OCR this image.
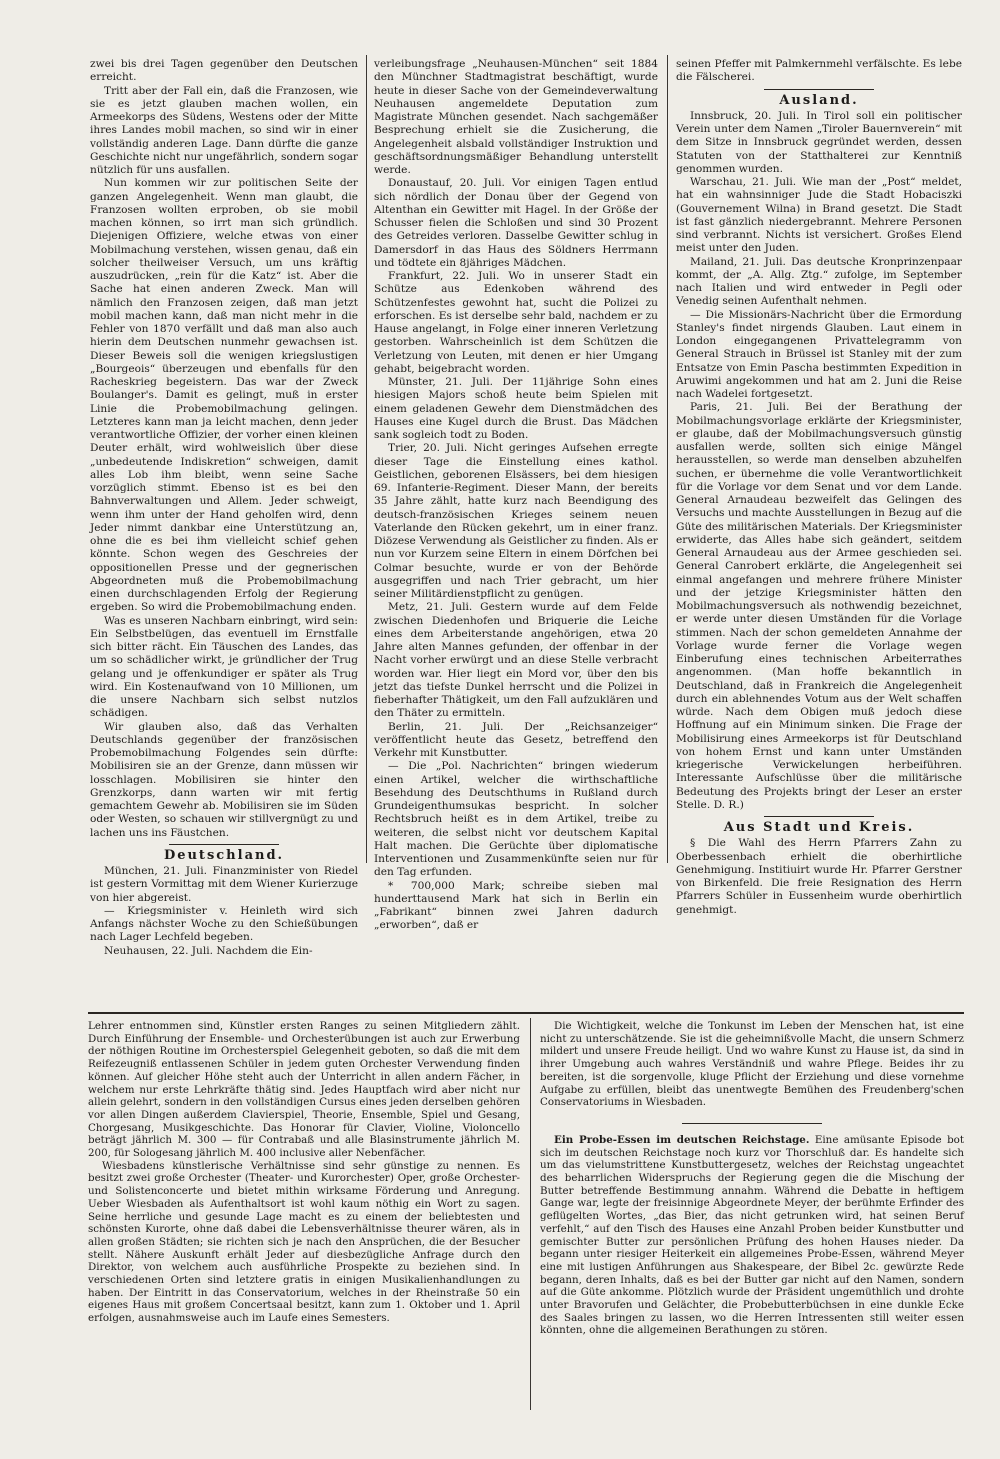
zwei bis drei Tagen gegenüber den Deutschen erreicht.

Tritt aber der Fall ein, daß die Franzosen, wie sie es jetzt glauben machen wollen, ein Armeekorps des Südens, Westens oder der Mitte ihres Landes mobil machen, so sind wir in einer vollständig anderen Lage. Dann dürfte die ganze Geschichte nicht nur ungefährlich, sondern sogar nützlich für uns ausfallen.

Nun kommen wir zur politischen Seite der ganzen Angelegenheit. Wenn man glaubt, die Franzosen wollten erproben, ob sie mobil machen können, so irrt man sich gründlich. Diejenigen Offiziere, welche etwas von einer Mobilmachung verstehen, wissen genau, daß ein solcher theilweiser Versuch, um uns kräftig auszudrücken, „rein für die Katz“ ist. Aber die Sache hat einen anderen Zweck. Man will nämlich den Franzosen zeigen, daß man jetzt mobil machen kann, daß man nicht mehr in die Fehler von 1870 verfällt und daß man also auch hierin dem Deutschen nunmehr gewachsen ist. Dieser Beweis soll die wenigen kriegslustigen „Bourgeois“ überzeugen und ebenfalls für den Racheskrieg begeistern. Das war der Zweck Boulanger's. Damit es gelingt, muß in erster Linie die Probemobilmachung gelingen. Letzteres kann man ja leicht machen, denn jeder verantwortliche Offizier, der vorher einen kleinen Deuter erhält, wird wohlweislich über diese „unbedeutende Indiskretion“ schweigen, damit alles Lob ihm bleibt, wenn seine Sache vorzüglich stimmt. Ebenso ist es bei den Bahnverwaltungen und Allem. Jeder schweigt, wenn ihm unter der Hand geholfen wird, denn Jeder nimmt dankbar eine Unterstützung an, ohne die es bei ihm vielleicht schief gehen könnte. Schon wegen des Geschreies der oppositionellen Presse und der gegnerischen Abgeordneten muß die Probemobilmachung einen durchschlagenden Erfolg der Regierung ergeben. So wird die Probemobilmachung enden.

Was es unseren Nachbarn einbringt, wird sein: Ein Selbstbelügen, das eventuell im Ernstfalle sich bitter rächt. Ein Täuschen des Landes, das um so schädlicher wirkt, je gründlicher der Trug gelang und je offenkundiger er später als Trug wird. Ein Kostenaufwand von 10 Millionen, um die unsere Nachbarn sich selbst nutzlos schädigen.

Wir glauben also, daß das Verhalten Deutschlands gegenüber der französischen Probemobilmachung Folgendes sein dürfte: Mobilisiren sie an der Grenze, dann müssen wir losschlagen. Mobilisiren sie hinter den Grenzkorps, dann warten wir mit fertig gemachtem Gewehr ab. Mobilisiren sie im Süden oder Westen, so schauen wir stillvergnügt zu und lachen uns ins Fäustchen.

Deutschland.

München, 21. Juli. Finanzminister von Riedel ist gestern Vormittag mit dem Wiener Kurierzuge von hier abgereist.

— Kriegsminister v. Heinleth wird sich Anfangs nächster Woche zu den Schießübungen nach Lager Lechfeld begeben.

Neuhausen, 22. Juli. Nachdem die Ein-

verleibungsfrage „Neuhausen-München“ seit 1884 den Münchner Stadtmagistrat beschäftigt, wurde heute in dieser Sache von der Gemeindeverwaltung Neuhausen angemeldete Deputation zum Magistrate München gesendet. Nach sachgemäßer Besprechung erhielt sie die Zusicherung, die Angelegenheit alsbald vollständiger Instruktion und geschäftsordnungsmäßiger Behandlung unterstellt werde.

Donaustauf, 20. Juli. Vor einigen Tagen entlud sich nördlich der Donau über der Gegend von Altenthan ein Gewitter mit Hagel. In der Größe der Schusser fielen die Schloßen und sind 30 Prozent des Getreides verloren. Dasselbe Gewitter schlug in Damersdorf in das Haus des Söldners Herrmann und tödtete ein 8jähriges Mädchen.

Frankfurt, 22. Juli. Wo in unserer Stadt ein Schütze aus Edenkoben während des Schützenfestes gewohnt hat, sucht die Polizei zu erforschen. Es ist derselbe sehr bald, nachdem er zu Hause angelangt, in Folge einer inneren Verletzung gestorben. Wahrscheinlich ist dem Schützen die Verletzung von Leuten, mit denen er hier Umgang gehabt, beigebracht worden.

Münster, 21. Juli. Der 11jährige Sohn eines hiesigen Majors schoß heute beim Spielen mit einem geladenen Gewehr dem Dienstmädchen des Hauses eine Kugel durch die Brust. Das Mädchen sank sogleich todt zu Boden.

Trier, 20. Juli. Nicht geringes Aufsehen erregte dieser Tage die Einstellung eines kathol. Geistlichen, geborenen Elsässers, bei dem hiesigen 69. Infanterie-Regiment. Dieser Mann, der bereits 35 Jahre zählt, hatte kurz nach Beendigung des deutsch-französischen Krieges seinem neuen Vaterlande den Rücken gekehrt, um in einer franz. Diözese Verwendung als Geistlicher zu finden. Als er nun vor Kurzem seine Eltern in einem Dörfchen bei Colmar besuchte, wurde er von der Behörde ausgegriffen und nach Trier gebracht, um hier seiner Militärdienstpflicht zu genügen.

Metz, 21. Juli. Gestern wurde auf dem Felde zwischen Diedenhofen und Briquerie die Leiche eines dem Arbeiterstande angehörigen, etwa 20 Jahre alten Mannes gefunden, der offenbar in der Nacht vorher erwürgt und an diese Stelle verbracht worden war. Hier liegt ein Mord vor, über den bis jetzt das tiefste Dunkel herrscht und die Polizei in fieberhafter Thätigkeit, um den Fall aufzuklären und den Thäter zu ermitteln.

Berlin, 21. Juli. Der „Reichsanzeiger“ veröffentlicht heute das Gesetz, betreffend den Verkehr mit Kunstbutter.

— Die „Pol. Nachrichten“ bringen wiederum einen Artikel, welcher die wirthschaftliche Besehdung des Deutschthums in Rußland durch Grundeigenthumsukas bespricht. In solcher Rechtsbruch heißt es in dem Artikel, treibe zu weiteren, die selbst nicht vor deutschem Kapital Halt machen. Die Gerüchte über diplomatische Interventionen und Zusammenkünfte seien nur für den Tag erfunden.

* 700,000 Mark; schreibe sieben mal hunderttausend Mark hat sich in Berlin ein „Fabrikant“ binnen zwei Jahren dadurch „erworben“, daß er

seinen Pfeffer mit Palmkernmehl verfälschte. Es lebe die Fälscherei.

Ausland.

Innsbruck, 20. Juli. In Tirol soll ein politischer Verein unter dem Namen „Tiroler Bauernverein“ mit dem Sitze in Innsbruck gegründet werden, dessen Statuten von der Statthalterei zur Kenntniß genommen wurden.

Warschau, 21. Juli. Wie man der „Post“ meldet, hat ein wahnsinniger Jude die Stadt Hobaciszki (Gouvernement Wilna) in Brand gesetzt. Die Stadt ist fast gänzlich niedergebrannt. Mehrere Personen sind verbrannt. Nichts ist versichert. Großes Elend meist unter den Juden.

Mailand, 21. Juli. Das deutsche Kronprinzenpaar kommt, der „A. Allg. Ztg.“ zufolge, im September nach Italien und wird entweder in Pegli oder Venedig seinen Aufenthalt nehmen.

— Die Missionärs-Nachricht über die Ermordung Stanley's findet nirgends Glauben. Laut einem in London eingegangenen Privattelegramm von General Strauch in Brüssel ist Stanley mit der zum Entsatze von Emin Pascha bestimmten Expedition in Aruwimi angekommen und hat am 2. Juni die Reise nach Wadelei fortgesetzt.

Paris, 21. Juli. Bei der Berathung der Mobilmachungsvorlage erklärte der Kriegsminister, er glaube, daß der Mobilmachungsversuch günstig ausfallen werde, sollten sich einige Mängel herausstellen, so werde man denselben abzuhelfen suchen, er übernehme die volle Verantwortlichkeit für die Vorlage vor dem Senat und vor dem Lande. General Arnaudeau bezweifelt das Gelingen des Versuchs und machte Ausstellungen in Bezug auf die Güte des militärischen Materials. Der Kriegsminister erwiderte, das Alles habe sich geändert, seitdem General Arnaudeau aus der Armee geschieden sei. General Canrobert erklärte, die Angelegenheit sei einmal angefangen und mehrere frühere Minister und der jetzige Kriegsminister hätten den Mobilmachungsversuch als nothwendig bezeichnet, er werde unter diesen Umständen für die Vorlage stimmen. Nach der schon gemeldeten Annahme der Vorlage wurde ferner die Vorlage wegen Einberufung eines technischen Arbeiterrathes angenommen. (Man hoffe bekanntlich in Deutschland, daß in Frankreich die Angelegenheit durch ein ablehnendes Votum aus der Welt schaffen würde. Nach dem Obigen muß jedoch diese Hoffnung auf ein Minimum sinken. Die Frage der Mobilisirung eines Armeekorps ist für Deutschland von hohem Ernst und kann unter Umständen kriegerische Verwickelungen herbeiführen. Interessante Aufschlüsse über die militärische Bedeutung des Projekts bringt der Leser an erster Stelle. D. R.)

Aus Stadt und Kreis.

§ Die Wahl des Herrn Pfarrers Zahn zu Oberbessenbach erhielt die oberhirtliche Genehmigung. Institiuirt wurde Hr. Pfarrer Gerstner von Birkenfeld. Die freie Resignation des Herrn Pfarrers Schüler in Eussenheim wurde oberhirtlich genehmigt.

Lehrer entnommen sind, Künstler ersten Ranges zu seinen Mitgliedern zählt. Durch Einführung der Ensemble- und Orchesterübungen ist auch zur Erwerbung der nöthigen Routine im Orchesterspiel Gelegenheit geboten, so daß die mit dem Reifezeugniß entlassenen Schüler in jedem guten Orchester Verwendung finden können. Auf gleicher Höhe steht auch der Unterricht in allen andern Fächer, in welchem nur erste Lehrkräfte thätig sind. Jedes Hauptfach wird aber nicht nur allein gelehrt, sondern in den vollständigen Cursus eines jeden derselben gehören vor allen Dingen außerdem Clavierspiel, Theorie, Ensemble, Spiel und Gesang, Chorgesang, Musikgeschichte. Das Honorar für Clavier, Violine, Violoncello beträgt jährlich M. 300 — für Contrabaß und alle Blasinstrumente jährlich M. 200, für Sologesang jährlich M. 400 inclusive aller Nebenfächer.

Wiesbadens künstlerische Verhältnisse sind sehr günstige zu nennen. Es besitzt zwei große Orchester (Theater- und Kurorchester) Oper, große Orchester- und Solistenconcerte und bietet mithin wirksame Förderung und Anregung. Ueber Wiesbaden als Aufenthaltsort ist wohl kaum nöthig ein Wort zu sagen. Seine herrliche und gesunde Lage macht es zu einem der beliebtesten und schönsten Kurorte, ohne daß dabei die Lebensverhältnisse theurer wären, als in allen großen Städten; sie richten sich je nach den Ansprüchen, die der Besucher stellt. Nähere Auskunft erhält Jeder auf diesbezügliche Anfrage durch den Direktor, von welchem auch ausführliche Prospekte zu beziehen sind. In verschiedenen Orten sind letztere gratis in einigen Musikalienhandlungen zu haben. Der Eintritt in das Conservatorium, welches in der Rheinstraße 50 ein eigenes Haus mit großem Concertsaal besitzt, kann zum 1. Oktober und 1. April erfolgen, ausnahmsweise auch im Laufe eines Semesters.

Die Wichtigkeit, welche die Tonkunst im Leben der Menschen hat, ist eine nicht zu unterschätzende. Sie ist die geheimnißvolle Macht, die unsern Schmerz mildert und unsere Freude heiligt. Und wo wahre Kunst zu Hause ist, da sind in ihrer Umgebung auch wahres Verständniß und wahre Pflege. Beides ihr zu bereiten, ist die sorgenvolle, kluge Pflicht der Erziehung und diese vornehme Aufgabe zu erfüllen, bleibt das unentwegte Bemühen des Freudenberg'schen Conservatoriums in Wiesbaden.

Ein Probe-Essen im deutschen Reichstage. Eine amüsante Episode bot sich im deutschen Reichstage noch kurz vor Thorschluß dar. Es handelte sich um das vielumstrittene Kunstbuttergesetz, welches der Reichstag ungeachtet des beharrlichen Widerspruchs der Regierung gegen die die Mischung der Butter betreffende Bestimmung annahm. Während die Debatte in heftigem Gange war, legte der freisinnige Abgeordnete Meyer, der berühmte Erfinder des geflügelten Wortes, „das Bier, das nicht getrunken wird, hat seinen Beruf verfehlt,“ auf den Tisch des Hauses eine Anzahl Proben beider Kunstbutter und gemischter Butter zur persönlichen Prüfung des hohen Hauses nieder. Da begann unter riesiger Heiterkeit ein allgemeines Probe-Essen, während Meyer eine mit lustigen Anführungen aus Shakespeare, der Bibel 2c. gewürzte Rede begann, deren Inhalts, daß es bei der Butter gar nicht auf den Namen, sondern auf die Güte ankomme. Plötzlich wurde der Präsident ungemüthlich und drohte unter Bravorufen und Gelächter, die Probebutterbüchsen in eine dunkle Ecke des Saales bringen zu lassen, wo die Herren Intressenten still weiter essen könnten, ohne die allgemeinen Berathungen zu stören.
